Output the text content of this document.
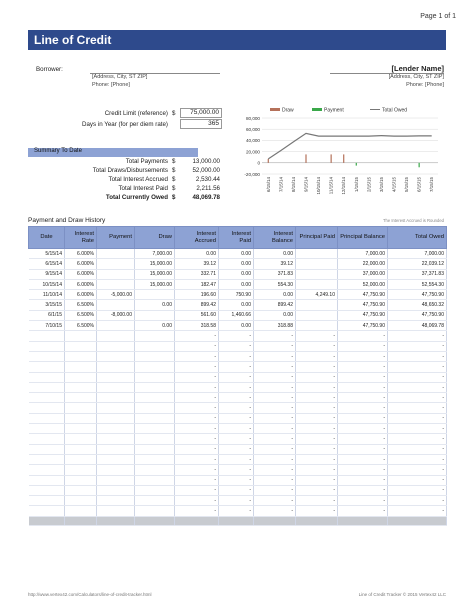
Page 1 of 1
Line of Credit
Borrower:
[Address, City, ST ZIP]
Phone: [Phone]
[Lender Name]
[Address, City, ST ZIP]
Phone: [Phone]
Credit Limit (reference) $	75,000.00
Days in Year (for per diem rate)	365
Summary To Date
Total Payments $	13,000.00
Total Draws/Disbursements $	52,000.00
Total Interest Accrued $	2,530.44
Total Interest Paid $	2,211.56
Total Currently Owed $	48,069.78
80,000
60,000
40,000
20,000
0
-20,000
6/15/14 7/15/14 8/15/14 9/15/14 10/15/14 11/15/14 12/15/14 1/15/15 2/15/15 3/15/15 4/15/15 5/15/15 6/15/15 7/15/15
Draw	Payment	Total Owed
Payment and Draw History	The Interest Accrued is Rounded
Date	Interest Rate	Payment	Draw	Interest Accrued	Interest Paid	Interest Balance	Principal Paid	Principal Balance	Total Owed
5/15/14	6.000%		7,000.00	0.00	0.00	0.00		7,000.00	7,000.00
6/15/14	6.000%		15,000.00	39.12	0.00	39.12		22,000.00	22,039.12
9/15/14	6.000%		15,000.00	332.71	0.00	371.83		37,000.00	37,371.83
10/15/14	6.000%		15,000.00	182.47	0.00	554.30		52,000.00	52,554.30
11/10/14	6.000%	-5,000.00		196.60	750.90	0.00	4,249.10	47,750.90	47,750.90
3/15/15	6.500%		0.00	899.42	0.00	899.42		47,750.90	48,650.32
6/1/15	6.500%	-8,000.00		561.60	1,460.66	0.00		47,750.90	47,750.90
7/10/15	6.500%		0.00	318.58	0.00	318.88		47,750.90	48,069.78
				-	-	-	-	-	-
				-	-	-	-	-	-
				-	-	-	-	-	-
				-	-	-	-	-	-
				-	-	-	-	-	-
				-	-	-	-	-	-
				-	-	-	-	-	-
				-	-	-	-	-	-
				-	-	-	-	-	-
				-	-	-	-	-	-
				-	-	-	-	-	-
				-	-	-	-	-	-
				-	-	-	-	-	-
				-	-	-	-	-	-
				-	-	-	-	-	-
				-	-	-	-	-	-
				-	-	-	-	-	-
				-	-	-	-	-	-

http://www.vertex42.com/Calculators/line-of-credit-tracker.html	Line of Credit Tracker © 2015 Vertex42 LLC
